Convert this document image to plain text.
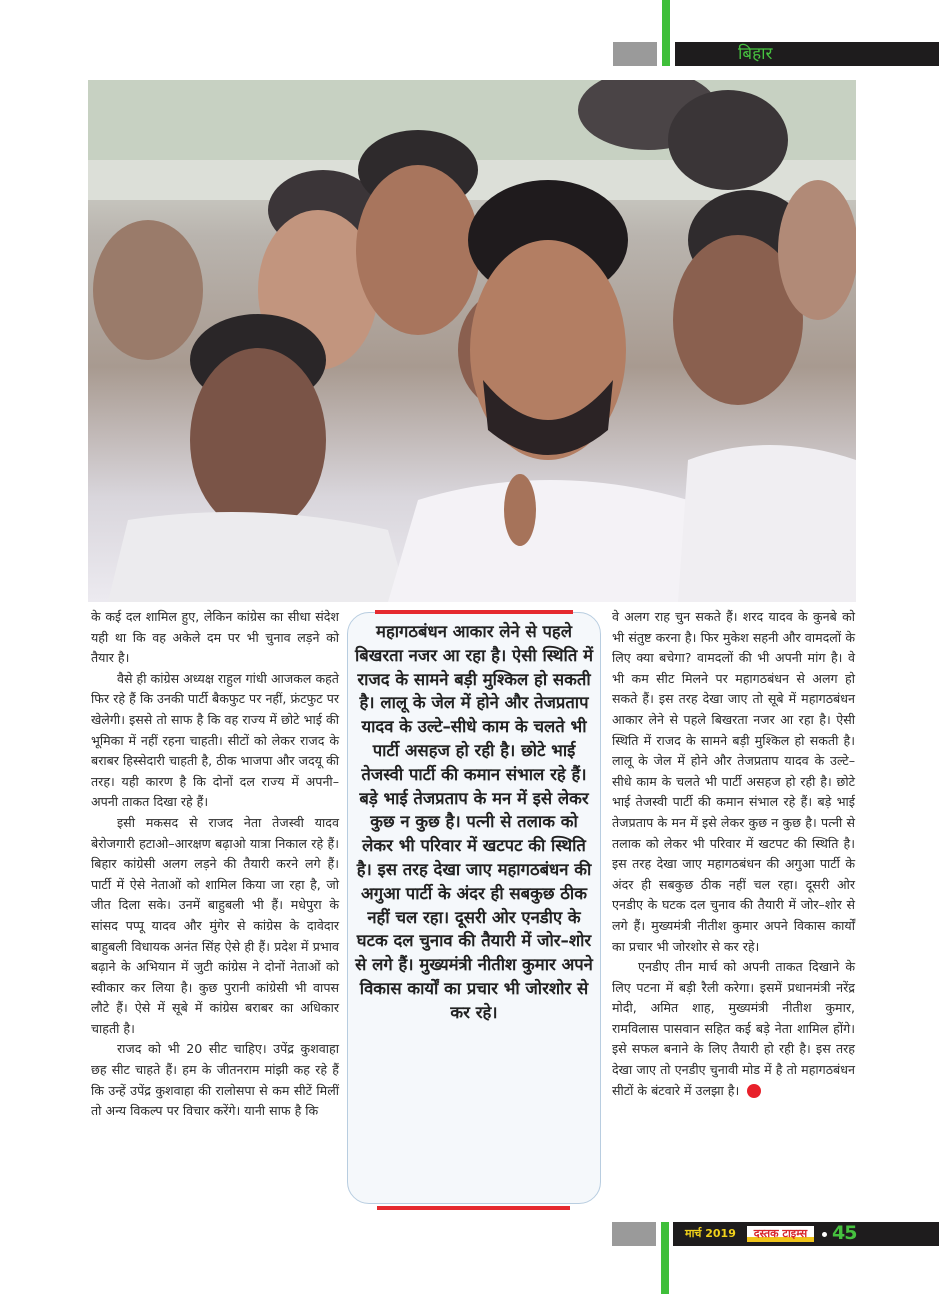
बिहार

के कई दल शामिल हुए, लेकिन कांग्रेस का सीधा संदेश यही था कि वह अकेले दम पर भी चुनाव लड़ने को तैयार है।

वैसे ही कांग्रेस अध्यक्ष राहुल गांधी आजकल कहते फिर रहे हैं कि उनकी पार्टी बैकफुट पर नहीं, फ्रंटफुट पर खेलेगी। इससे तो साफ है कि वह राज्य में छोटे भाई की भूमिका में नहीं रहना चाहती। सीटों को लेकर राजद के बराबर हिस्सेदारी चाहती है, ठीक भाजपा और जदयू की तरह। यही कारण है कि दोनों दल राज्य में अपनी–अपनी ताकत दिखा रहे हैं।

इसी मकसद से राजद नेता तेजस्वी यादव बेरोजगारी हटाओ–आरक्षण बढ़ाओ यात्रा निकाल रहे हैं। बिहार कांग्रेसी अलग लड़ने की तैयारी करने लगे हैं। पार्टी में ऐसे नेताओं को शामिल किया जा रहा है, जो जीत दिला सके। उनमें बाहुबली भी हैं। मधेपुरा के सांसद पप्पू यादव और मुंगेर से कांग्रेस के दावेदार बाहुबली विधायक अनंत सिंह ऐसे ही हैं। प्रदेश में प्रभाव बढ़ाने के अभियान में जुटी कांग्रेस ने दोनों नेताओं को स्वीकार कर लिया है। कुछ पुरानी कांग्रेसी भी वापस लौटे हैं। ऐसे में सूबे में कांग्रेस बराबर का अधिकार चाहती है।

राजद को भी 20 सीट चाहिए। उपेंद्र कुशवाहा छह सीट चाहते हैं। हम के जीतनराम मांझी कह रहे हैं कि उन्हें उपेंद्र कुशवाहा की रालोसपा से कम सीटें मिलीं तो अन्य विकल्प पर विचार करेंगे। यानी साफ है कि

महागठबंधन आकार लेने से पहले बिखरता नजर आ रहा है। ऐसी स्थिति में राजद के सामने बड़ी मुश्किल हो सकती है। लालू के जेल में होने और तेजप्रताप यादव के उल्टे–सीधे काम के चलते भी पार्टी असहज हो रही है। छोटे भाई तेजस्वी पार्टी की कमान संभाल रहे हैं। बड़े भाई तेजप्रताप के मन में इसे लेकर कुछ न कुछ है। पत्नी से तलाक को लेकर भी परिवार में खटपट की स्थिति है। इस तरह देखा जाए महागठबंधन की अगुआ पार्टी के अंदर ही सबकुछ ठीक नहीं चल रहा। दूसरी ओर एनडीए के घटक दल चुनाव की तैयारी में जोर–शोर से लगे हैं। मुख्यमंत्री नीतीश कुमार अपने विकास कार्यों का प्रचार भी जोरशोर से कर रहे।

वे अलग राह चुन सकते हैं। शरद यादव के कुनबे को भी संतुष्ट करना है। फिर मुकेश सहनी और वामदलों के लिए क्या बचेगा? वामदलों की भी अपनी मांग है। वे भी कम सीट मिलने पर महागठबंधन से अलग हो सकते हैं। इस तरह देखा जाए तो सूबे में महागठबंधन आकार लेने से पहले बिखरता नजर आ रहा है। ऐसी स्थिति में राजद के सामने बड़ी मुश्किल हो सकती है। लालू के जेल में होने और तेजप्रताप यादव के उल्टे–सीधे काम के चलते भी पार्टी असहज हो रही है। छोटे भाई तेजस्वी पार्टी की कमान संभाल रहे हैं। बड़े भाई तेजप्रताप के मन में इसे लेकर कुछ न कुछ है। पत्नी से तलाक को लेकर भी परिवार में खटपट की स्थिति है। इस तरह देखा जाए महागठबंधन की अगुआ पार्टी के अंदर ही सबकुछ ठीक नहीं चल रहा। दूसरी ओर एनडीए के घटक दल चुनाव की तैयारी में जोर–शोर से लगे हैं। मुख्यमंत्री नीतीश कुमार अपने विकास कार्यों का प्रचार भी जोरशोर से कर रहे।

एनडीए तीन मार्च को अपनी ताकत दिखाने के लिए पटना में बड़ी रैली करेगा। इसमें प्रधानमंत्री नरेंद्र मोदी, अमित शाह, मुख्यमंत्री नीतीश कुमार, रामविलास पासवान सहित कई बड़े नेता शामिल होंगे। इसे सफल बनाने के लिए तैयारी हो रही है। इस तरह देखा जाए तो एनडीए चुनावी मोड में है तो महागठबंधन सीटों के बंटवारे में उलझा है।

मार्च 2019	दस्तक टाइम्स	45
